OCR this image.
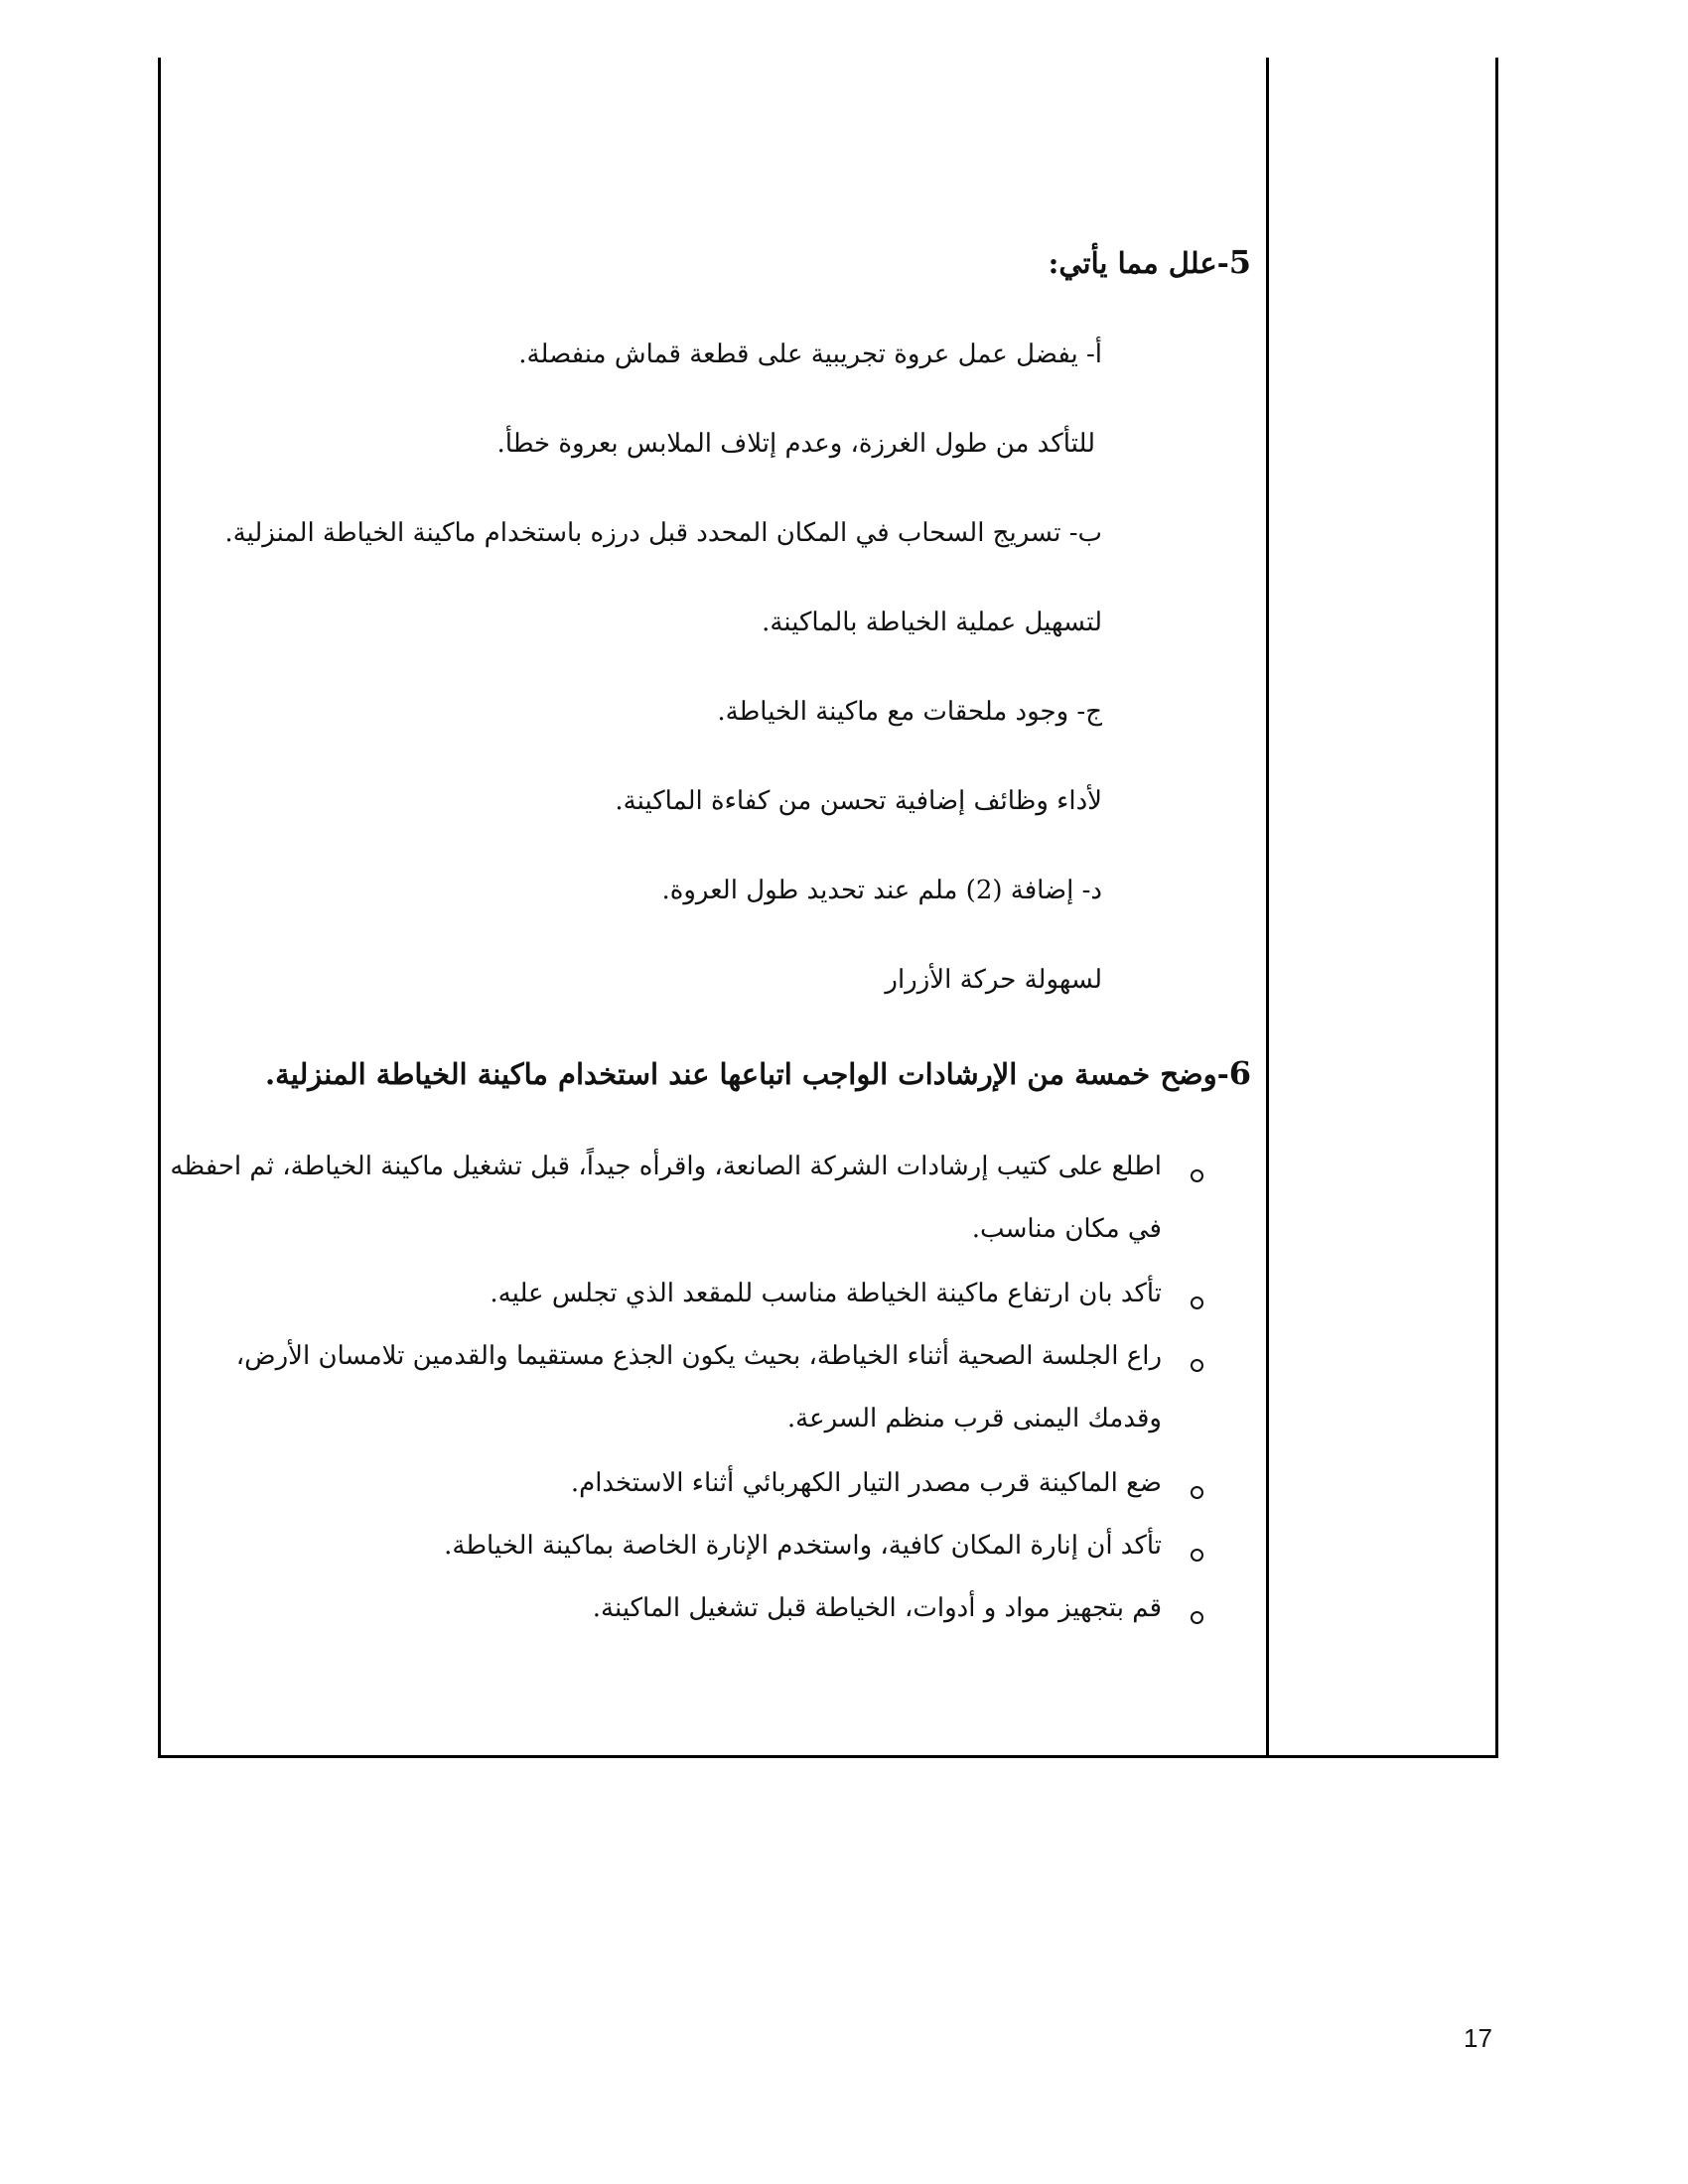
5-علل مما يأتي:
أ- يفضل عمل عروة تجريبية على قطعة قماش منفصلة.
للتأكد من طول الغرزة، وعدم إتلاف الملابس بعروة خطأ.
ب- تسريج السحاب في المكان المحدد قبل درزه باستخدام ماكينة الخياطة المنزلية.
لتسهيل عملية الخياطة بالماكينة.
ج- وجود ملحقات مع ماكينة الخياطة.
لأداء وظائف إضافية تحسن من كفاءة الماكينة.
د- إضافة (2) ملم عند تحديد طول العروة.
لسهولة حركة الأزرار
6-وضح خمسة من الإرشادات الواجب اتباعها عند استخدام ماكينة الخياطة المنزلية.
اطلع على كتيب إرشادات الشركة الصانعة، واقرأه جيداً، قبل تشغيل ماكينة الخياطة، ثم احفظه
في مكان مناسب.
تأكد بان ارتفاع ماكينة الخياطة مناسب للمقعد الذي تجلس عليه.
راع الجلسة الصحية أثناء الخياطة، بحيث يكون الجذع مستقيما والقدمين تلامسان الأرض،
وقدمك اليمنى قرب منظم السرعة.
ضع الماكينة قرب مصدر التيار الكهربائي أثناء الاستخدام.
تأكد أن إنارة المكان كافية، واستخدم الإنارة الخاصة بماكينة الخياطة.
قم بتجهيز مواد و أدوات، الخياطة قبل تشغيل الماكينة.
17
